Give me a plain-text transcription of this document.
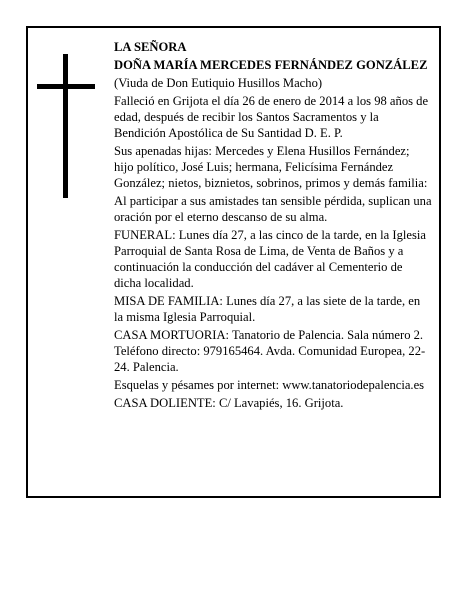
LA SEÑORA

DOÑA MARÍA MERCEDES FERNÁNDEZ GONZÁLEZ

(Viuda de Don Eutiquio Husillos Macho)

Falleció en Grijota el día 26 de enero de 2014 a los 98 años de edad, después de recibir los Santos Sacramentos y la Bendición Apostólica de Su Santidad D. E. P.

Sus apenadas hijas: Mercedes y Elena Husillos Fernández; hijo político, José Luis; hermana, Felicísima Fernández González; nietos, biznietos, sobrinos, primos y demás familia:

Al participar a sus amistades tan sensible pérdida, suplican una oración por el eterno descanso de su alma.

FUNERAL: Lunes día 27, a las cinco de la tarde, en la Iglesia Parroquial de Santa Rosa de Lima, de Venta de Baños y a continuación la conducción del cadáver al Cementerio de dicha localidad.

MISA DE FAMILIA: Lunes día 27, a las siete de la tarde, en la misma Iglesia Parroquial.

CASA MORTUORIA: Tanatorio de Palencia. Sala número 2. Teléfono directo: 979165464. Avda. Comunidad Europea, 22-24. Palencia.

Esquelas y pésames por internet: www.tanatoriodepalencia.es

CASA DOLIENTE: C/ Lavapiés, 16. Grijota.
